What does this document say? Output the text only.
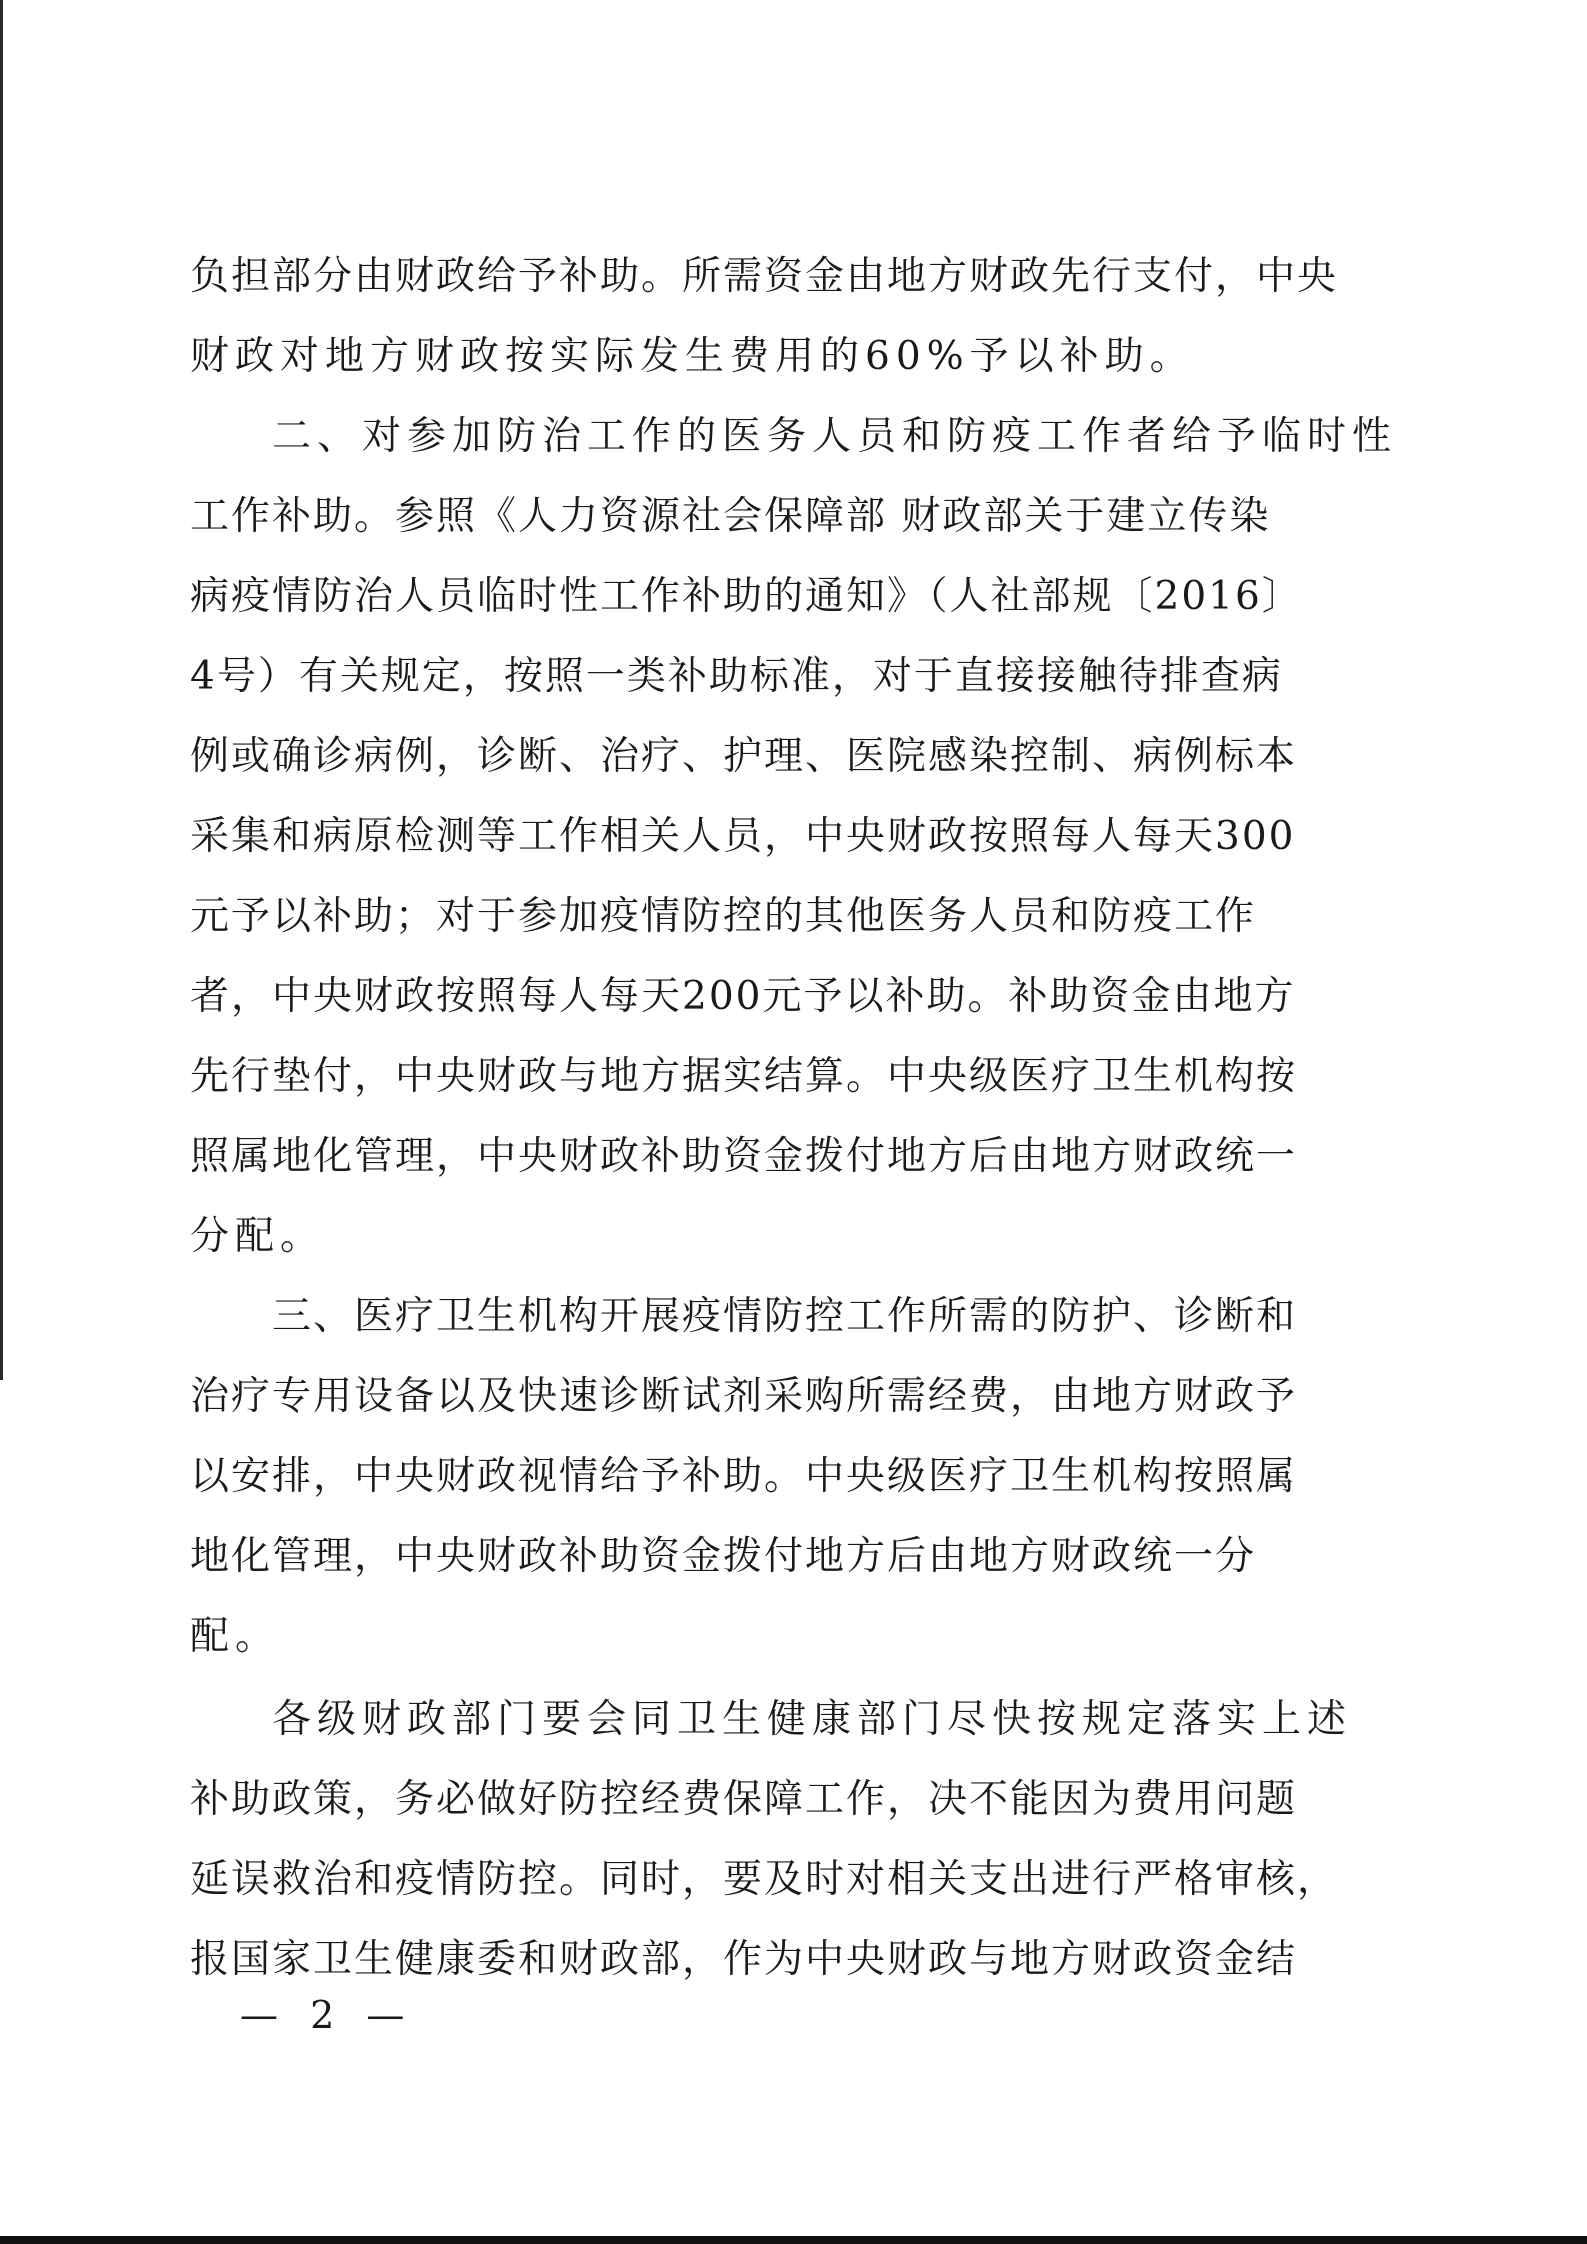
负担部分由财政给予补助。所需资金由地方财政先行支付，中央
财政对地方财政按实际发生费用的60%予以补助。
二、对参加防治工作的医务人员和防疫工作者给予临时性
工作补助。参照《人力资源社会保障部 财政部关于建立传染
病疫情防治人员临时性工作补助的通知》（人社部规〔2016〕
4号）有关规定，按照一类补助标准，对于直接接触待排查病
例或确诊病例，诊断、治疗、护理、医院感染控制、病例标本
采集和病原检测等工作相关人员，中央财政按照每人每天300
元予以补助；对于参加疫情防控的其他医务人员和防疫工作
者，中央财政按照每人每天200元予以补助。补助资金由地方
先行垫付，中央财政与地方据实结算。中央级医疗卫生机构按
照属地化管理，中央财政补助资金拨付地方后由地方财政统一
分配。
三、医疗卫生机构开展疫情防控工作所需的防护、诊断和
治疗专用设备以及快速诊断试剂采购所需经费，由地方财政予
以安排，中央财政视情给予补助。中央级医疗卫生机构按照属
地化管理，中央财政补助资金拨付地方后由地方财政统一分
配。
各级财政部门要会同卫生健康部门尽快按规定落实上述
补助政策，务必做好防控经费保障工作，决不能因为费用问题
延误救治和疫情防控。同时，要及时对相关支出进行严格审核，
报国家卫生健康委和财政部，作为中央财政与地方财政资金结
— 2 —
